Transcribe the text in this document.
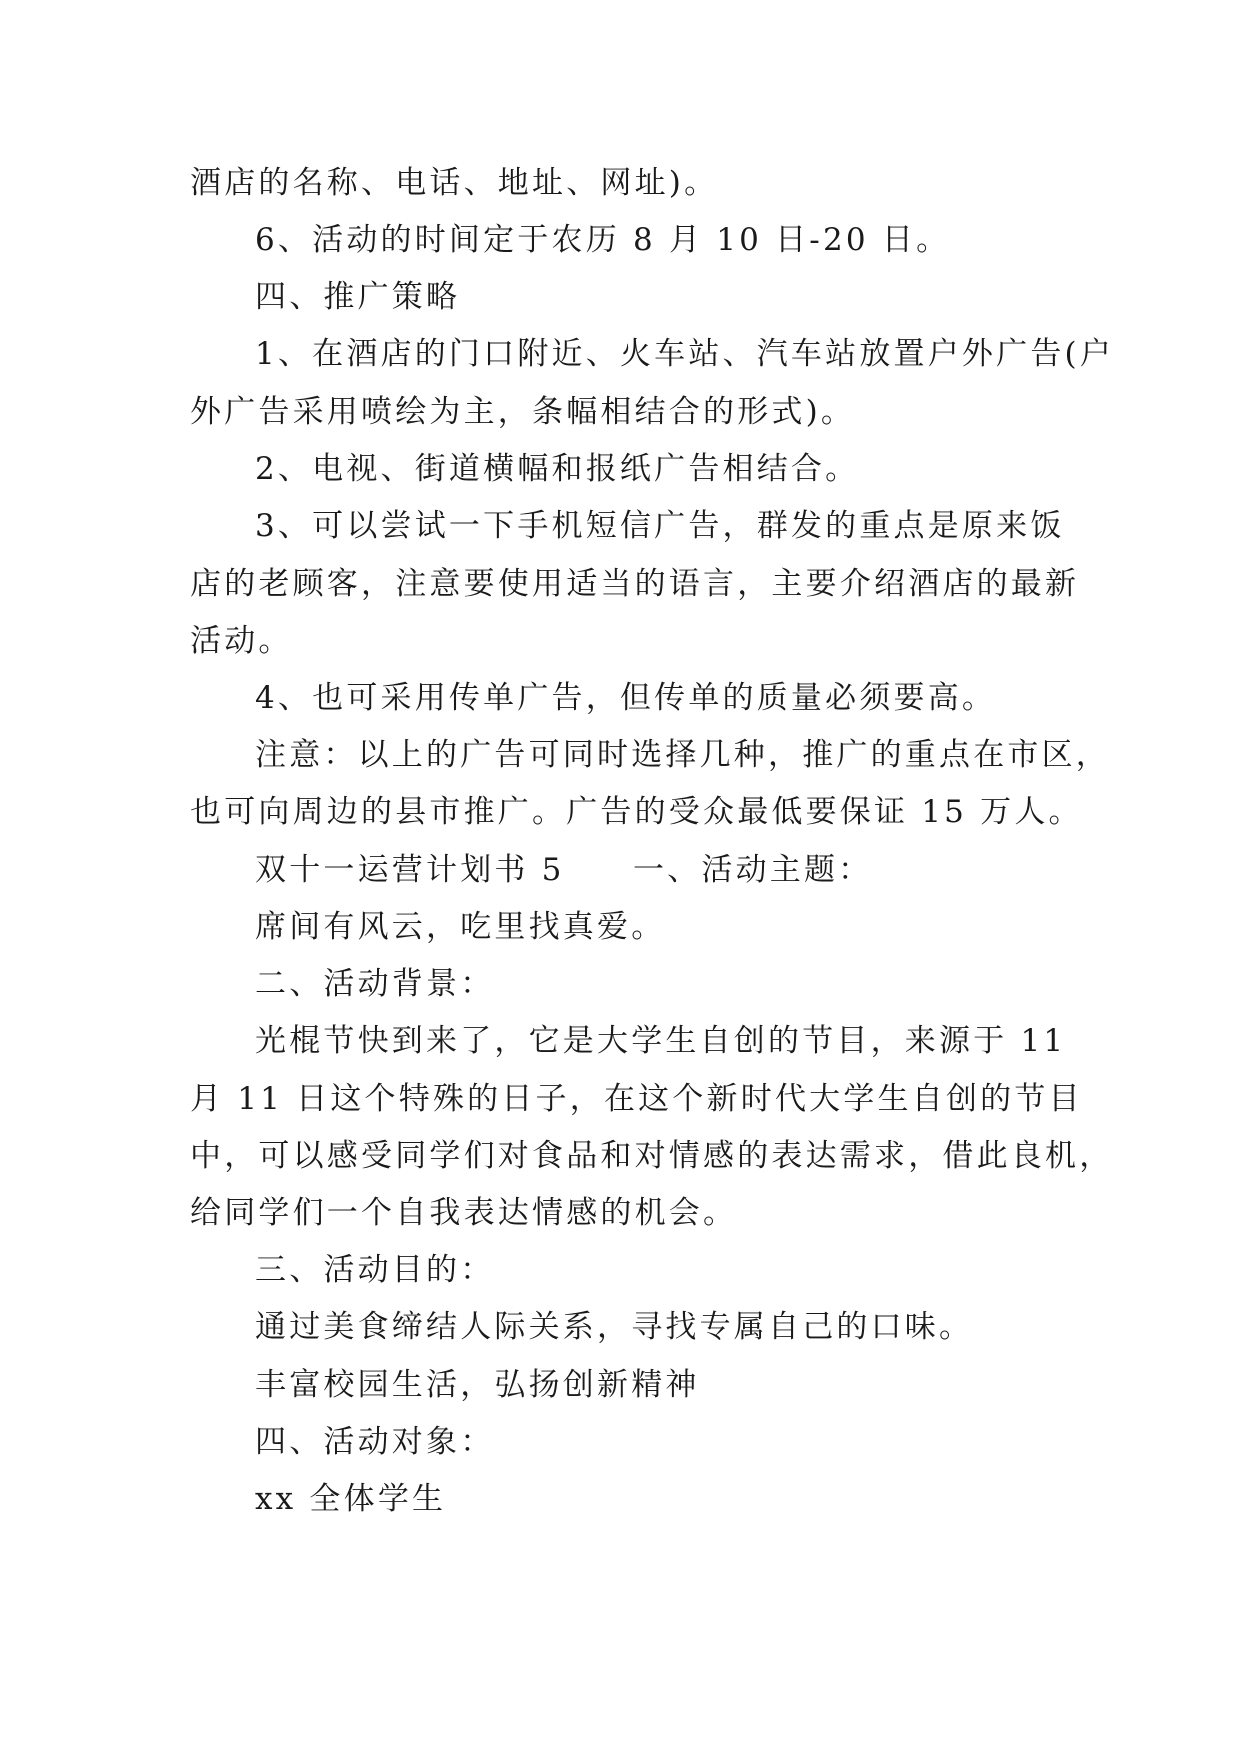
酒店的名称、电话、地址、网址)。

6、活动的时间定于农历 8 月 10 日-20 日。

四、推广策略

1、在酒店的门口附近、火车站、汽车站放置户外广告(户

外广告采用喷绘为主，条幅相结合的形式)。

2、电视、街道横幅和报纸广告相结合。

3、可以尝试一下手机短信广告，群发的重点是原来饭

店的老顾客，注意要使用适当的语言，主要介绍酒店的最新

活动。

4、也可采用传单广告，但传单的质量必须要高。

注意：以上的广告可同时选择几种，推广的重点在市区，

也可向周边的县市推广。广告的受众最低要保证 15 万人。

双十一运营计划书 5　　一、活动主题：

席间有风云，吃里找真爱。

二、活动背景：

光棍节快到来了，它是大学生自创的节目，来源于 11

月 11 日这个特殊的日子，在这个新时代大学生自创的节目

中，可以感受同学们对食品和对情感的表达需求，借此良机，

给同学们一个自我表达情感的机会。

三、活动目的：

通过美食缔结人际关系，寻找专属自己的口味。

丰富校园生活，弘扬创新精神

四、活动对象：

xx 全体学生
